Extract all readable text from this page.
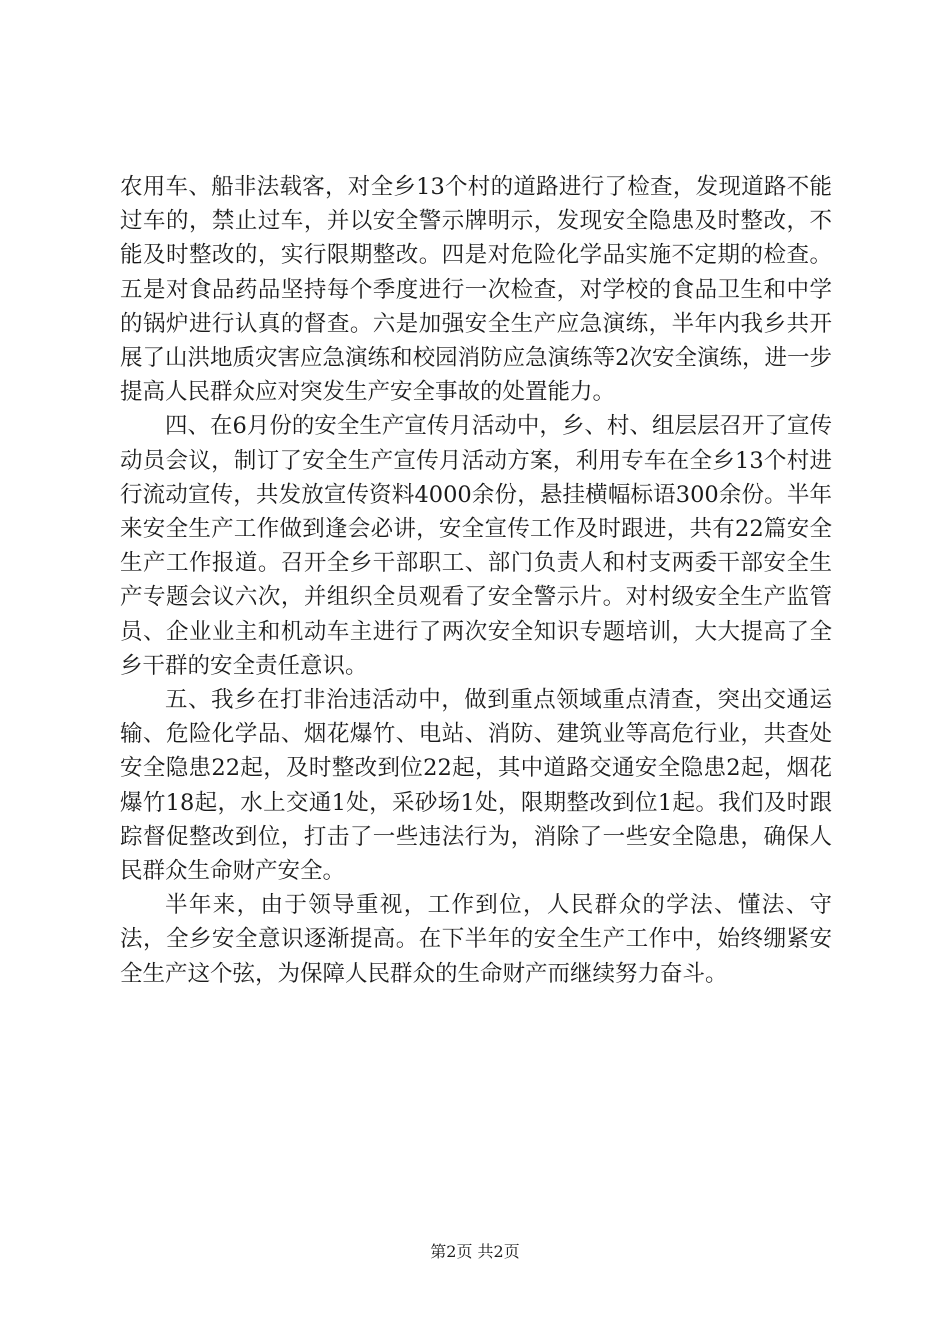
农用车、船非法载客，对全乡13个村的道路进行了检查，发现道路不能过车的，禁止过车，并以安全警示牌明示，发现安全隐患及时整改，不能及时整改的，实行限期整改。四是对危险化学品实施不定期的检查。五是对食品药品坚持每个季度进行一次检查，对学校的食品卫生和中学的锅炉进行认真的督查。六是加强安全生产应急演练，半年内我乡共开展了山洪地质灾害应急演练和校园消防应急演练等2次安全演练，进一步提高人民群众应对突发生产安全事故的处置能力。

四、在6月份的安全生产宣传月活动中，乡、村、组层层召开了宣传动员会议，制订了安全生产宣传月活动方案，利用专车在全乡13个村进行流动宣传，共发放宣传资料4000余份，悬挂横幅标语300余份。半年来安全生产工作做到逢会必讲，安全宣传工作及时跟进，共有22篇安全生产工作报道。召开全乡干部职工、部门负责人和村支两委干部安全生产专题会议六次，并组织全员观看了安全警示片。对村级安全生产监管员、企业业主和机动车主进行了两次安全知识专题培训，大大提高了全乡干群的安全责任意识。

五、我乡在打非治违活动中，做到重点领域重点清查，突出交通运输、危险化学品、烟花爆竹、电站、消防、建筑业等高危行业，共查处安全隐患22起，及时整改到位22起，其中道路交通安全隐患2起，烟花爆竹18起，水上交通1处，采砂场1处，限期整改到位1起。我们及时跟踪督促整改到位，打击了一些违法行为，消除了一些安全隐患，确保人民群众生命财产安全。

半年来，由于领导重视，工作到位，人民群众的学法、懂法、守法，全乡安全意识逐渐提高。在下半年的安全生产工作中，始终绷紧安全生产这个弦，为保障人民群众的生命财产而继续努力奋斗。

第2页 共2页
